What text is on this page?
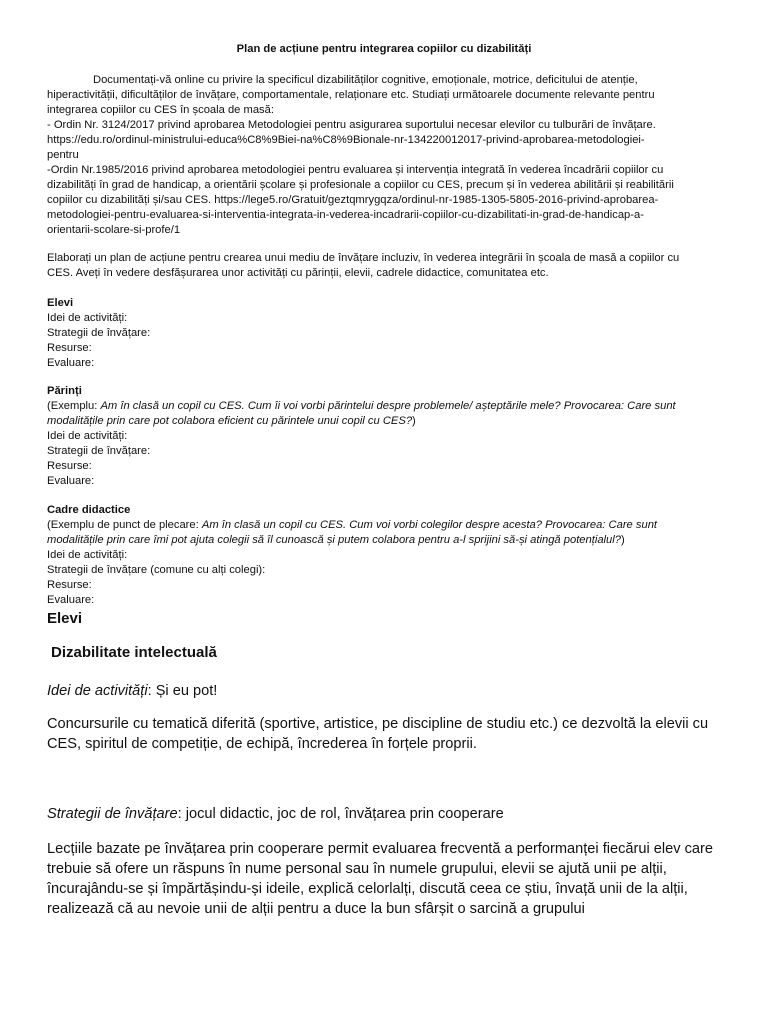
Plan de acțiune pentru integrarea copiilor cu dizabilități
Documentați-vă online cu privire la specificul dizabilităților cognitive, emoționale, motrice, deficitului de atenție,
hiperactivității, dificultăților de învățare, comportamentale, relaționare etc. Studiați următoarele documente relevante pentru
integrarea copiilor cu CES în școala de masă:
- Ordin Nr. 3124/2017 privind aprobarea Metodologiei pentru asigurarea suportului necesar elevilor cu tulburări de învățare.
https://edu.ro/ordinul-ministrului-educa%C8%9Biei-na%C8%9Bionale-nr-134220012017-privind-aprobarea-metodologiei-
pentru
-Ordin Nr.1985/2016 privind aprobarea metodologiei pentru evaluarea și intervenția integrată în vederea încadrării copiilor cu
dizabilități în grad de handicap, a orientării școlare și profesionale a copiilor cu CES, precum și în vederea abilitării și reabilitării
copiilor cu dizabilități și/sau CES. https://lege5.ro/Gratuit/geztqmrygqza/ordinul-nr-1985-1305-5805-2016-privind-aprobarea-
metodologiei-pentru-evaluarea-si-interventia-integrata-in-vederea-incadrarii-copiilor-cu-dizabilitati-in-grad-de-handicap-a-
orientarii-scolare-si-profe/1
Elaborați un plan de acțiune pentru crearea unui mediu de învățare incluziv, în vederea integrării în școala de masă a copiilor cu
CES. Aveți în vedere desfășurarea unor activități cu părinții, elevii, cadrele didactice, comunitatea etc.
Elevi
Idei de activități:
Strategii de învățare:
Resurse:
Evaluare:
Părinți
(Exemplu: Am în clasă un copil cu CES. Cum îi voi vorbi părintelui despre problemele/ așteptările mele? Provocarea: Care sunt
modalitățile prin care pot colabora eficient cu părintele unui copil cu CES?)
Idei de activități:
Strategii de învățare:
Resurse:
Evaluare:
Cadre didactice
(Exemplu de punct de plecare: Am în clasă un copil cu CES. Cum voi vorbi colegilor despre acesta? Provocarea: Care sunt
modalitățile prin care îmi pot ajuta colegii să îl cunoască și putem colabora pentru a-l sprijini să-și atingă potențialul?)
Idei de activități:
Strategii de învățare (comune cu alți colegi):
Resurse:
Evaluare:
Elevi
Dizabilitate intelectuală
Idei de activități: Și eu pot!
Concursurile cu tematică diferită (sportive, artistice, pe discipline de studiu etc.) ce dezvoltă la elevii cu
CES, spiritul de competiție, de echipă, încrederea în forțele proprii.
Strategii de învățare: jocul didactic, joc de rol, învățarea prin cooperare
Lecțiile bazate pe învățarea prin cooperare permit evaluarea frecventă a performanței fiecărui elev care
trebuie să ofere un răspuns în nume personal sau în numele grupului, elevii se ajută unii pe alții,
încurajându-se și împărtășindu-și ideile, explică celorlalți, discută ceea ce știu, învață unii de la alții,
realizează că au nevoie unii de alții pentru a duce la bun sfârșit o sarcină a grupului
